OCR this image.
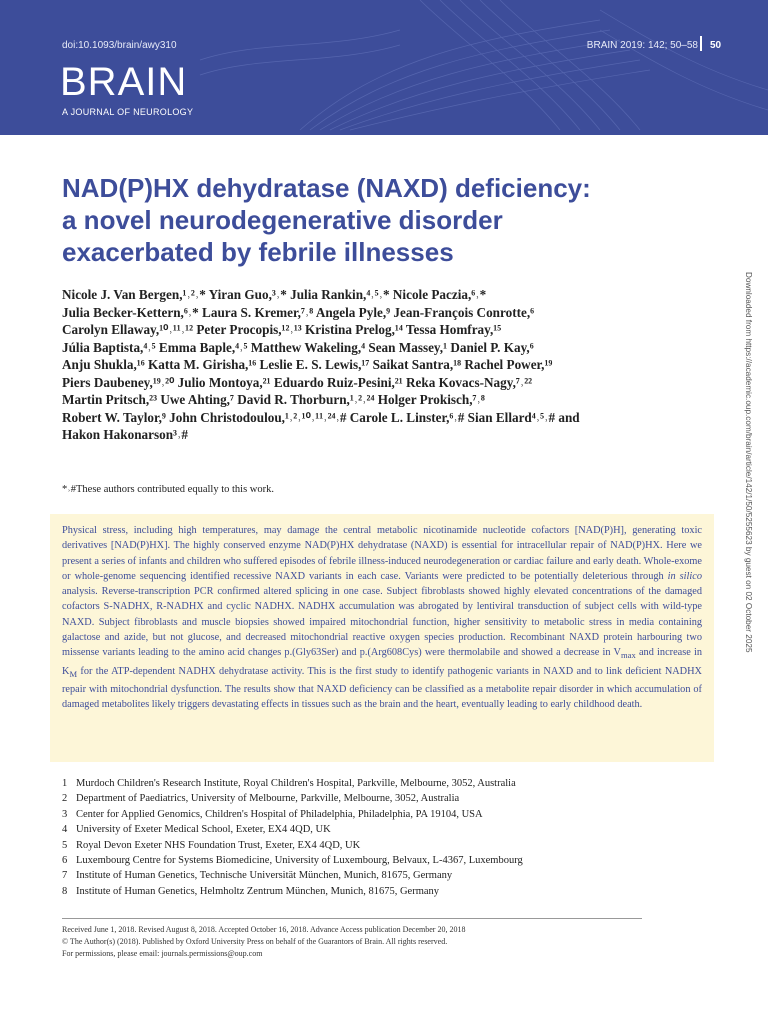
doi:10.1093/brain/awy310	BRAIN 2019: 142; 50–58	50
BRAIN
A JOURNAL OF NEUROLOGY
NAD(P)HX dehydratase (NAXD) deficiency:
a novel neurodegenerative disorder
exacerbated by febrile illnesses
Nicole J. Van Bergen,¹˒²˒* Yiran Guo,³˒* Julia Rankin,⁴˒⁵˒* Nicole Paczia,⁶˒*
Julia Becker-Kettern,⁶˒* Laura S. Kremer,⁷˒⁸ Angela Pyle,⁹ Jean-François Conrotte,⁶
Carolyn Ellaway,¹⁰˒¹¹˒¹² Peter Procopis,¹²˒¹³ Kristina Prelog,¹⁴ Tessa Homfray,¹⁵
Júlia Baptista,⁴˒⁵ Emma Baple,⁴˒⁵ Matthew Wakeling,⁴ Sean Massey,¹ Daniel P. Kay,⁶
Anju Shukla,¹⁶ Katta M. Girisha,¹⁶ Leslie E. S. Lewis,¹⁷ Saikat Santra,¹⁸ Rachel Power,¹⁹
Piers Daubeney,¹⁹˒²⁰ Julio Montoya,²¹ Eduardo Ruiz-Pesini,²¹ Reka Kovacs-Nagy,⁷˒²²
Martin Pritsch,²³ Uwe Ahting,⁷ David R. Thorburn,¹˒²˒²⁴ Holger Prokisch,⁷˒⁸
Robert W. Taylor,⁹ John Christodoulou,¹˒²˒¹⁰˒¹¹˒²⁴˒# Carole L. Linster,⁶˒# Sian Ellard⁴˒⁵˒# and
Hakon Hakonarson³˒#
*˒#These authors contributed equally to this work.

Physical stress, including high temperatures, may damage the central metabolic nicotinamide nucleotide cofactors [NAD(P)H], generating toxic derivatives [NAD(P)HX]. The highly conserved enzyme NAD(P)HX dehydratase (NAXD) is essential for intracellular repair of NAD(P)HX. Here we present a series of infants and children who suffered episodes of febrile illness-induced neurodegeneration or cardiac failure and early death. Whole-exome or whole-genome sequencing identified recessive NAXD variants in each case. Variants were predicted to be potentially deleterious through in silico analysis. Reverse-transcription PCR confirmed altered splicing in one case. Subject fibroblasts showed highly elevated concentrations of the damaged cofactors S-NADHX, R-NADHX and cyclic NADHX. NADHX accumulation was abrogated by lentiviral transduction of subject cells with wild-type NAXD. Subject fibroblasts and muscle biopsies showed impaired mitochondrial function, higher sensitivity to metabolic stress in media containing galactose and azide, but not glucose, and decreased mitochondrial reactive oxygen species production. Recombinant NAXD protein harbouring two missense variants leading to the amino acid changes p.(Gly63Ser) and p.(Arg608Cys) were thermolabile and showed a decrease in $V_{max}$ and increase in $K_M$ for the ATP-dependent NADHX dehydratase activity. This is the first study to identify pathogenic variants in NAXD and to link deficient NADHX repair with mitochondrial dysfunction. The results show that NAXD deficiency can be classified as a metabolite repair disorder in which accumulation of damaged metabolites likely triggers devastating effects in tissues such as the brain and the heart, eventually leading to early childhood death.

1 Murdoch Children's Research Institute, Royal Children's Hospital, Parkville, Melbourne, 3052, Australia
2 Department of Paediatrics, University of Melbourne, Parkville, Melbourne, 3052, Australia
3 Center for Applied Genomics, Children's Hospital of Philadelphia, Philadelphia, PA 19104, USA
4 University of Exeter Medical School, Exeter, EX4 4QD, UK
5 Royal Devon Exeter NHS Foundation Trust, Exeter, EX4 4QD, UK
6 Luxembourg Centre for Systems Biomedicine, University of Luxembourg, Belvaux, L-4367, Luxembourg
7 Institute of Human Genetics, Technische Universität München, Munich, 81675, Germany
8 Institute of Human Genetics, Helmholtz Zentrum München, Munich, 81675, Germany
Received June 1, 2018. Revised August 8, 2018. Accepted October 16, 2018. Advance Access publication December 20, 2018
© The Author(s) (2018). Published by Oxford University Press on behalf of the Guarantors of Brain. All rights reserved.
For permissions, please email: journals.permissions@oup.com
Downloaded from https://academic.oup.com/brain/article/142/1/50/5255623 by guest on 02 October 2025
